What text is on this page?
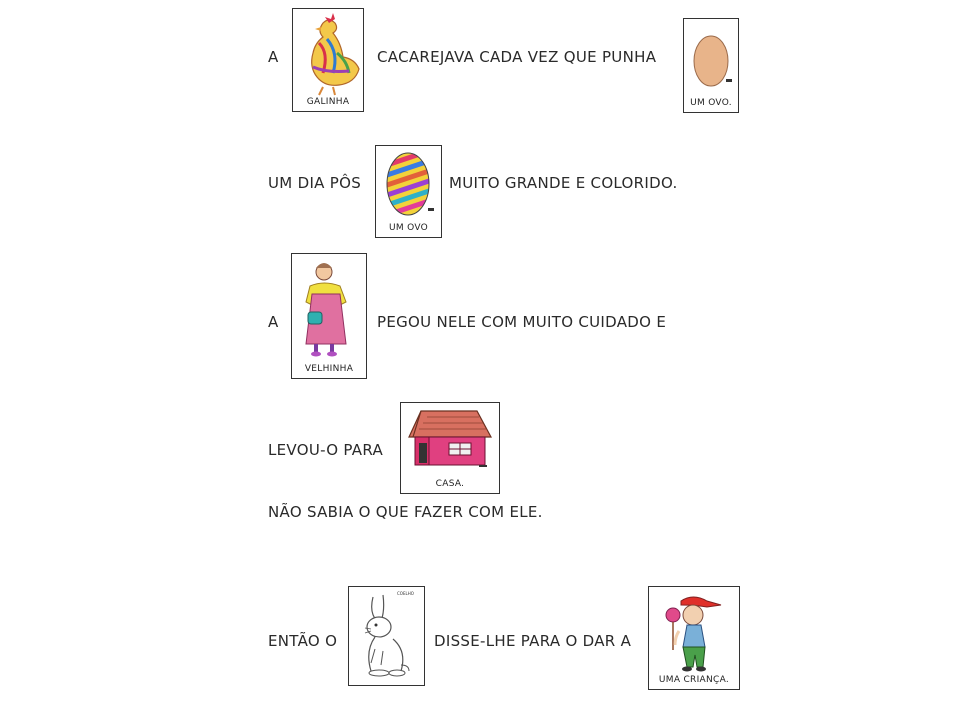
A
GALINHA
CACAREJAVA CADA VEZ QUE PUNHA
UM OVO.
UM DIA PÔS
UM OVO
MUITO GRANDE E COLORIDO.
A
VELHINHA
PEGOU NELE COM MUITO CUIDADO E
LEVOU-O PARA
CASA.
NÃO SABIA O QUE FAZER COM ELE.
ENTÃO O
COELHO
DISSE-LHE PARA O DAR A
UMA CRIANÇA.
